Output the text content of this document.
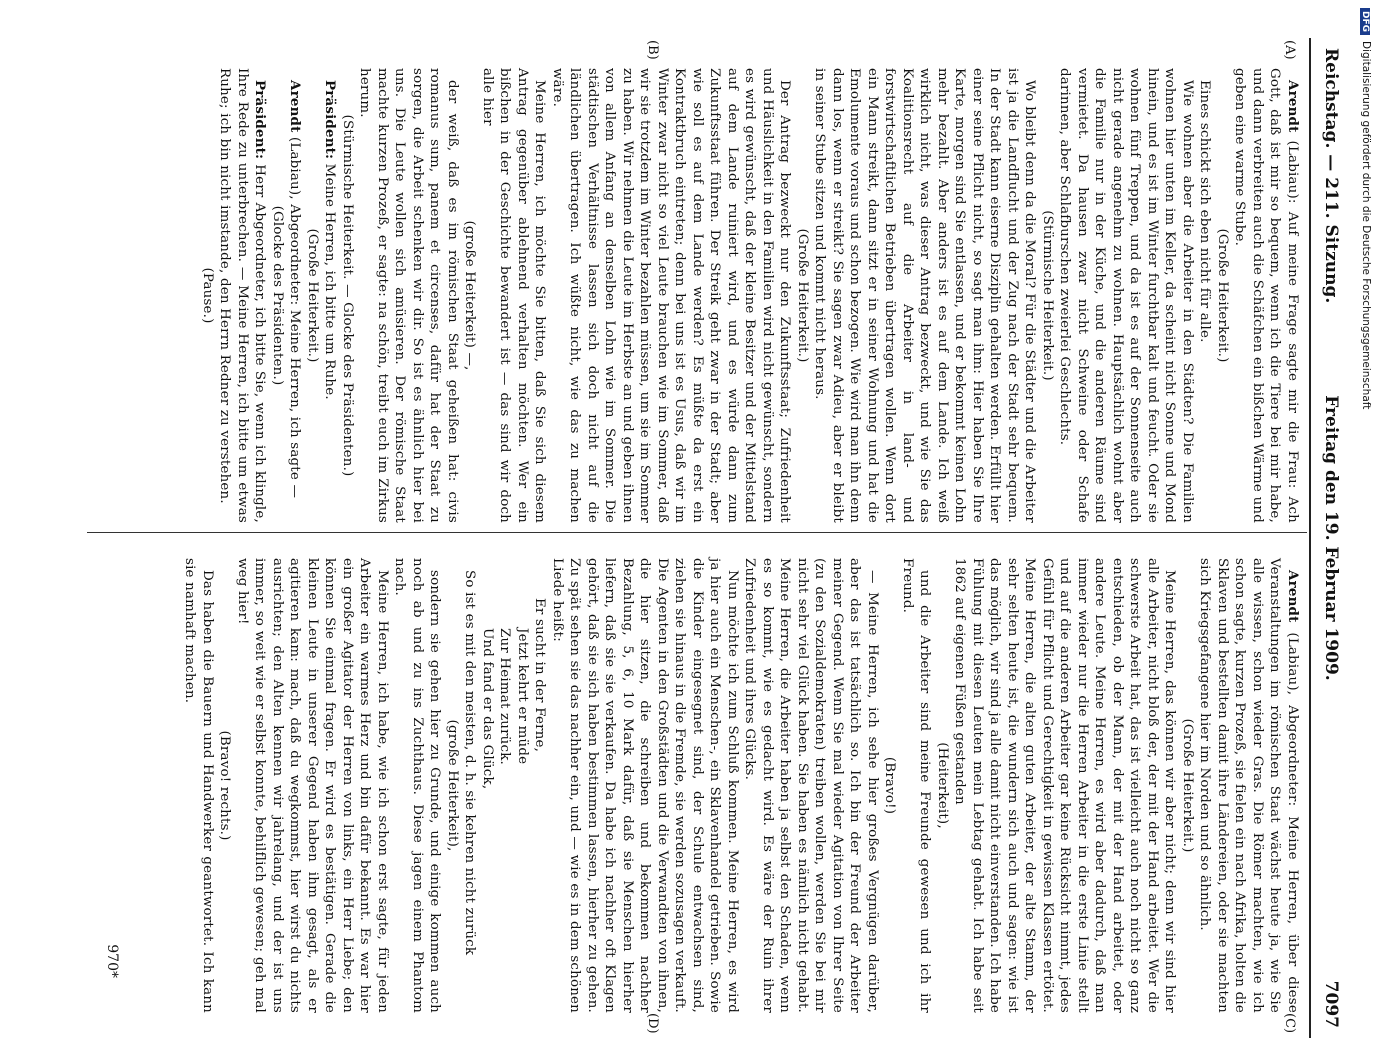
Reichstag. — 211. Sitzung.
Freitag den 19. Februar 1909.
7097
(A)
(B)
(C)
(D)

Arendt (Labiau): Auf meine Frage sagte mir die Frau: Ach Gott, daß ist mir so bequem, wenn ich die Tiere bei mir habe, und dann verbreiten auch die Schäfchen ein bißchen Wärme und geben eine warme Stube.

(Große Heiterkeit.)

Eines schickt sich eben nicht für alle.

Wie wohnen aber die Arbeiter in den Städten? Die Familien wohnen hier unten im Keller, da scheint nicht Sonne und Mond hinein, und es ist im Winter furchtbar kalt und feucht. Oder sie wohnen fünf Treppen, und da ist es auf der Sonnenseite auch nicht gerade angenehm zu wohnen. Hauptsächlich wohnt aber die Familie nur in der Küche, und die anderen Räume sind vermietet. Da hausen zwar nicht Schweine oder Schafe darinnen, aber Schlafburschen zweierlei Geschlechts.

(Stürmische Heiterkeit.)

Wo bleibt denn da die Moral? Für die Städter und die Arbeiter ist ja die Landflucht und der Zug nach der Stadt sehr bequem. In der Stadt kann eiserne Disziplin gehalten werden. Erfüllt hier einer seine Pflicht nicht, so sagt man ihm: Hier haben Sie Ihre Karte, morgen sind Sie entlassen, und er bekommt keinen Lohn mehr bezahlt. Aber anders ist es auf dem Lande. Ich weiß wirklich nicht, was dieser Antrag bezweckt, und wie Sie das Koalitionsrecht auf die Arbeiter in land- und forstwirtschaftlichen Betrieben übertragen wollen. Wenn dort ein Mann streikt, dann sitzt er in seiner Wohnung und hat die Emolumente voraus und schon bezogen. Wie wird man ihn denn dann los, wenn er streikt? Sie sagen zwar Adieu, aber er bleibt in seiner Stube sitzen und kommt nicht heraus.

(Große Heiterkeit.)

Der Antrag bezweckt nur den Zukunftsstaat; Zufriedenheit und Häuslichkeit in den Familien wird nicht gewünscht, sondern es wird gewünscht, daß der kleine Besitzer und der Mittelstand auf dem Lande ruiniert wird, und es würde dann zum Zukunftsstaat führen. Der Streik geht zwar in der Stadt; aber wie soll es auf dem Lande werden? Es müßte da erst ein Kontraktbruch eintreten; denn bei uns ist es Usus, daß wir im Winter zwar nicht so viel Leute brauchen wie im Sommer, daß wir sie trotzdem im Winter bezahlen müssen, um sie im Sommer zu haben. Wir nehmen die Leute im Herbste an und geben ihnen von allem Anfang an denselben Lohn wie im Sommer. Die städtischen Verhältnisse lassen sich doch nicht auf die ländlichen übertragen. Ich wüßte nicht, wie das zu machen wäre.

Meine Herren, ich möchte Sie bitten, daß Sie sich diesem Antrag gegenüber ablehnend verhalten möchten. Wer ein bißchen in der Geschichte bewandert ist — das sind wir doch alle hier

(große Heiterkeit) —,

der weiß, daß es im römischen Staat geheißen hat: civis romanus sum, panem et circenses, dafür hat der Staat zu sorgen, die Arbeit schenken wir dir. So ist es ähnlich hier bei uns. Die Leute wollen sich amüsieren. Der römische Staat machte kurzen Prozeß, er sagte: na schön, treibt euch im Zirkus herum.

(Stürmische Heiterkeit. — Glocke des Präsidenten.)

Präsident: Meine Herren, ich bitte um Ruhe.

(Große Heiterkeit.)

Arendt (Labiau), Abgeordneter: Meine Herren, ich sagte —

(Glocke des Präsidenten.)

Präsident: Herr Abgeordneter, ich bitte Sie, wenn ich klingle, Ihre Rede zu unterbrechen. — Meine Herren, ich bitte um etwas Ruhe; ich bin nicht imstande, den Herrn Redner zu verstehen.

(Pause.)

Arendt (Labiau), Abgeordneter: Meine Herren, über diese Veranstaltungen im römischen Staat wächst heute ja, wie Sie alle wissen, schon wieder Gras. Die Römer machten, wie ich schon sagte, kurzen Prozeß, sie fielen ein nach Afrika, holten die Sklaven und bestellten damit ihre Ländereien, oder sie machten sich Kriegsgefangene hier im Norden und so ähnlich.

(Große Heiterkeit.)

Meine Herren, das können wir aber nicht; denn wir sind hier alle Arbeiter, nicht bloß der, der mit der Hand arbeitet. Wer die schwerste Arbeit hat, das ist vielleicht auch noch nicht so ganz entschieden, ob der Mann, der mit der Hand arbeitet, oder andere Leute. Meine Herren, es wird aber dadurch, daß man immer wieder nur die Herren Arbeiter in die erste Linie stellt und auf die anderen Arbeiter gar keine Rücksicht nimmt, jedes Gefühl für Pflicht und Gerechtigkeit in gewissen Klassen ertötet. Meine Herren, die alten guten Arbeiter, der alte Stamm, der sehr selten heute ist, die wundern sich auch und sagen: wie ist das möglich, wir sind ja alle damit nicht einverstanden. Ich habe Fühlung mit diesen Leuten mein Lebtag gehabt. Ich habe seit 1862 auf eigenen Füßen gestanden

(Heiterkeit),

und die Arbeiter sind meine Freunde gewesen und ich ihr Freund.

(Bravo!)

— Meine Herren, ich sehe hier großes Vergnügen darüber, aber das ist tatsächlich so. Ich bin der Freund der Arbeiter meiner Gegend. Wenn Sie mal wieder Agitation von Ihrer Seite (zu den Sozialdemokraten) treiben wollen, werden Sie bei mir nicht sehr viel Glück haben. Sie haben es nämlich nicht gehabt. Meine Herren, die Arbeiter haben ja selbst den Schaden, wenn es so kommt, wie es gedacht wird. Es wäre der Ruin ihrer Zufriedenheit und ihres Glücks.

Nun möchte ich zum Schluß kommen. Meine Herren, es wird ja hier auch ein Menschen-, ein Sklavenhandel getrieben. Sowie die Kinder eingesegnet sind, der Schule entwachsen sind, ziehen sie hinaus in die Fremde, sie werden sozusagen verkauft. Die Agenten in den Großstädten und die Verwandten von ihnen, die hier sitzen, die schreiben und bekommen nachher Bezahlung, 5, 6, 10 Mark dafür, daß sie Menschen hierher liefern, daß sie sie verkaufen. Da habe ich nachher oft Klagen gehört, daß sie sich haben bestimmen lassen, hierher zu gehen. Zu spät sehen sie das nachher ein, und — wie es in dem schönen Liede heißt:

Er sucht in der Ferne,

Jetzt kehrt er müde

Zur Heimat zurück.

Und fand er das Glück,

So ist es mit den meisten, d. h. sie kehren nicht zurück

(große Heiterkeit),

sondern sie gehen hier zu Grunde, und einige kommen auch noch ab und zu ins Zuchthaus. Diese jagen einem Phantom nach.

Meine Herren, ich habe, wie ich schon erst sagte, für jeden Arbeiter ein warmes Herz und bin dafür bekannt. Es war hier ein großer Agitator der Herren von links, ein Herr Liebe; den können Sie einmal fragen. Er wird es bestätigen. Gerade die kleinen Leute in unserer Gegend haben ihm gesagt, als er agitieren kam: mach, daß du wegkommst, hier wirst du nichts ausrichten; den Alten kennen wir jahrelang, und der ist uns immer, so weit wie er selbst konnte, behilflich gewesen; geh mal weg hier!

(Bravo! rechts.)

Das haben die Bauern und Handwerker geantwortet. Ich kann sie namhaft machen.

970*
DFGDigitalisierung gefördert durch die Deutsche Forschungsgemeinschaft
